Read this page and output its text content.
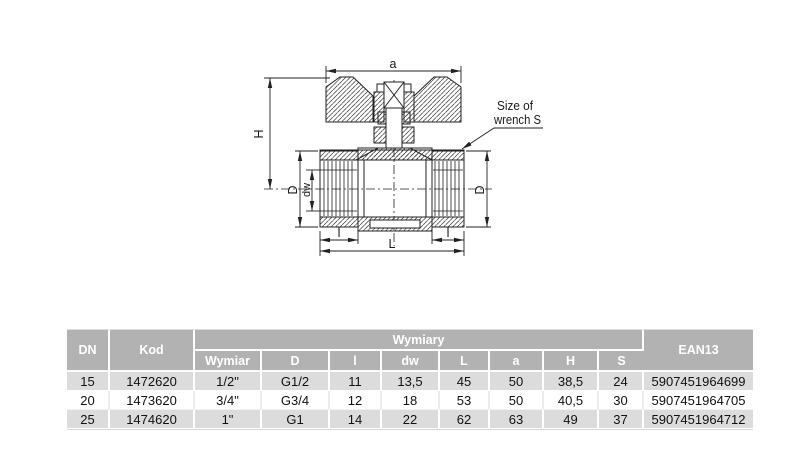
a
H
D dw	D
l	l
L
Size of
wrench S
DN	Kod	Wymiary								EAN13
		Wymiar	D	l	dw	L	a	H	S	
15	1472620	1/2"	G1/2	11	13,5	45	50	38,5	24	5907451964699
20	1473620	3/4"	G3/4	12	18	53	50	40,5	30	5907451964705
25	1474620	1"	G1	14	22	62	63	49	37	5907451964712
